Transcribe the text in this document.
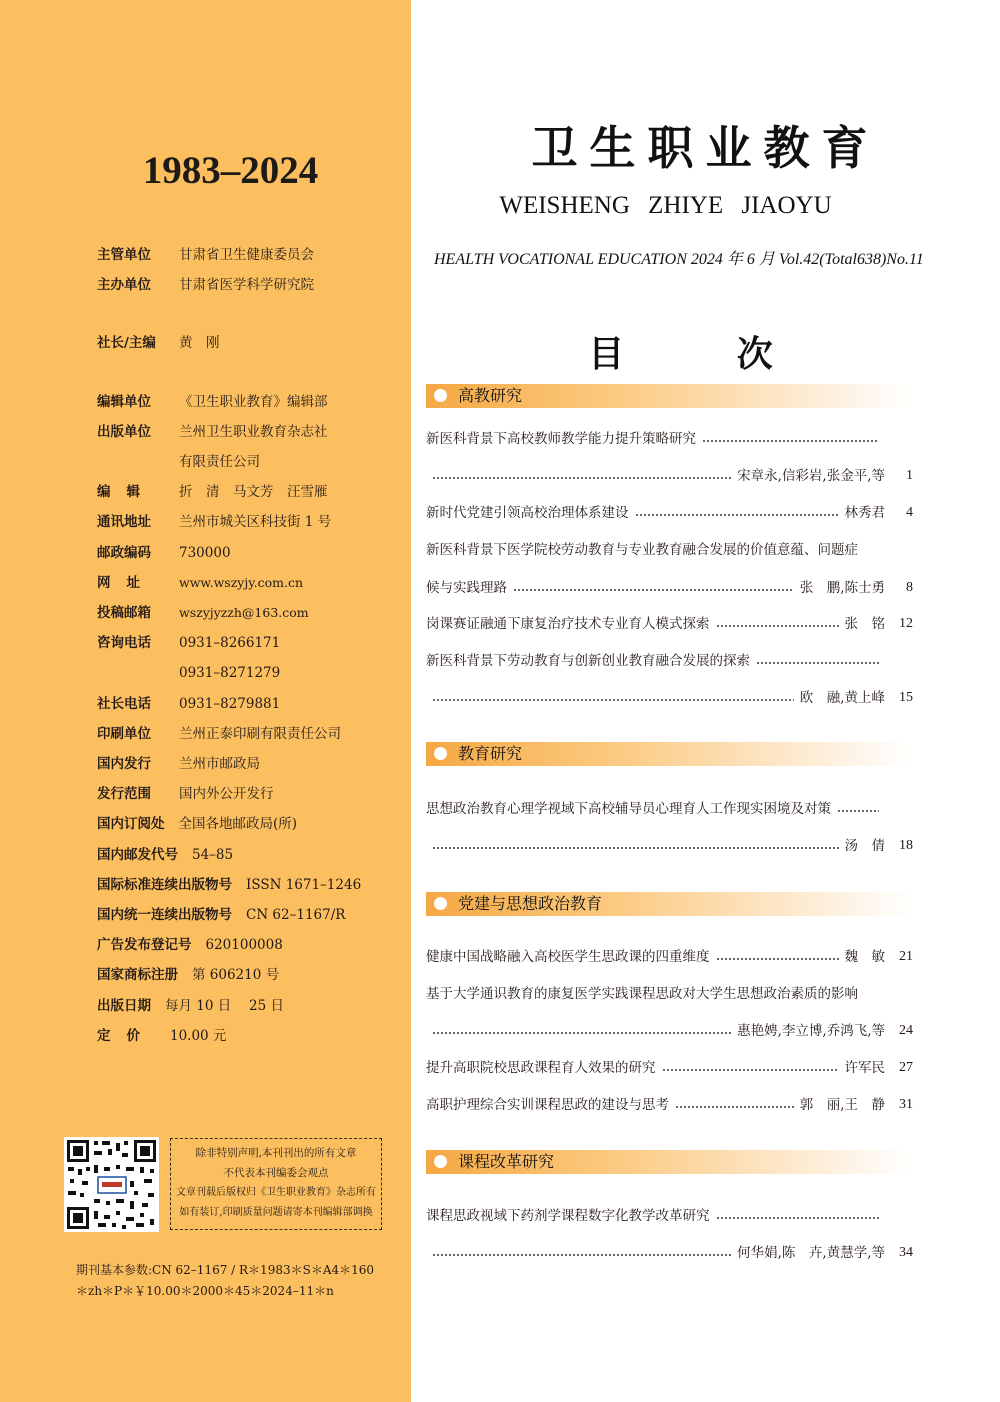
1983–2024
主管单位	甘肃省卫生健康委员会
主办单位	甘肃省医学科学研究院
社长/主编	黄　刚
编辑单位	《卫生职业教育》编辑部
出版单位	兰州卫生职业教育杂志社
有限责任公司
编辑	折　清　马文芳　汪雪雁
通讯地址	兰州市城关区科技街 1 号
邮政编码	730000
网址	www.wszyjy.com.cn
投稿邮箱	wszyjyzzh@163.com
咨询电话	0931–8266171
0931–8271279
社长电话	0931–8279881
印刷单位	兰州正泰印刷有限责任公司
国内发行	兰州市邮政局
发行范围	国内外公开发行
国内订阅处 全国各地邮政局(所)
国内邮发代号 54–85
国际标准连续出版物号 ISSN 1671–1246
国内统一连续出版物号 CN 62–1167/R
广告发布登记号 620100008
国家商标注册 第 606210 号
出版日期 每月 10 日　 25 日
定价 10.00 元
除非特别声明,本刊刊出的所有文章
不代表本刊编委会观点
文章刊载后版权归《卫生职业教育》杂志所有
如有装订,印刷质量问题请寄本刊编辑部调换
期刊基本参数:CN 62–1167 / R＊1983＊S＊A4＊160
＊zh＊P＊￥10.00＊2000＊45＊2024–11＊n
卫生职业教育
WEISHENG ZHIYE JIAOYU
HEALTH VOCATIONAL EDUCATION 2024 年 6 月 Vol.42(Total638)No.11
目 次
高教研究
新医科背景下高校教师教学能力提升策略研究
宋章永,信彩岩,张金平,等	1
新时代党建引领高校治理体系建设	林秀君	4
新医科背景下医学院校劳动教育与专业教育融合发展的价值意蕴、问题症
候与实践理路	张　鹏,陈士勇	8
岗课赛证融通下康复治疗技术专业育人模式探索	张　铭	12
新医科背景下劳动教育与创新创业教育融合发展的探索
欧　融,黄上峰	15
教育研究
思想政治教育心理学视域下高校辅导员心理育人工作现实困境及对策
汤　倩	18
党建与思想政治教育
健康中国战略融入高校医学生思政课的四重维度	魏　敏	21
基于大学通识教育的康复医学实践课程思政对大学生思想政治素质的影响
惠艳娉,李立博,乔鸿飞,等	24
提升高职院校思政课程育人效果的研究	许军民	27
高职护理综合实训课程思政的建设与思考	郭　丽,王　静	31
课程改革研究
课程思政视域下药剂学课程数字化教学改革研究
何华娟,陈　卉,黄慧学,等	34
